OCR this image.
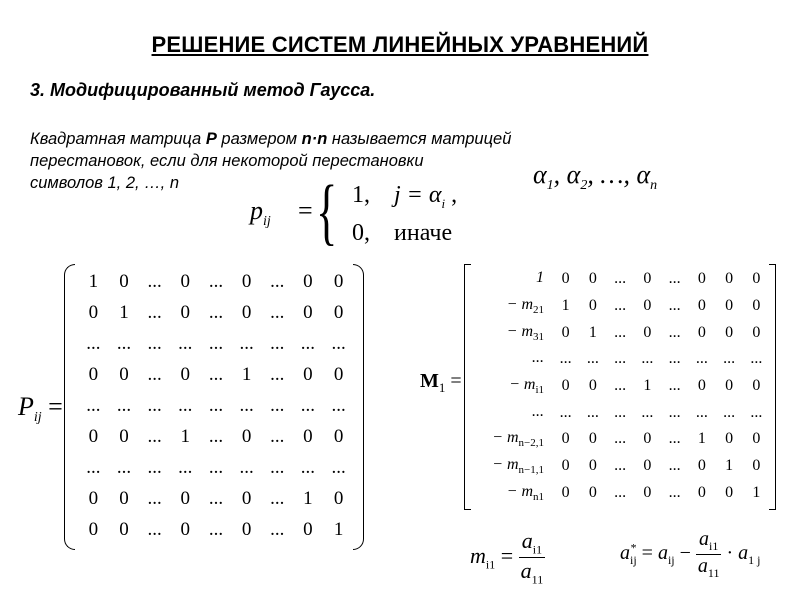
РЕШЕНИЕ СИСТЕМ ЛИНЕЙНЫХ УРАВНЕНИЙ
3. Модифицированный метод Гаусса.
Квадратная матрица P размером n·n называется матрицей
перестановок, если для некоторой перестановки
символов 1, 2, …, n	$\alpha_1$, $\alpha_2$, …, $\alpha_n$
$p_{ij}$ = { 1, $j = \alpha_i$ ,
0, иначе
$P_{ij}$ =
1	0	...	0	...	0	...	0	0
0	1	...	0	...	0	...	0	0
...	...	...	...	...	...	...	...	...
0	0	...	0	...	1	...	0	0
...	...	...	...	...	...	...	...	...
0	0	...	1	...	0	...	0	0
...	...	...	...	...	...	...	...	...
0	0	...	0	...	0	...	1	0
0	0	...	0	...	0	...	0	1
$M_1$ =
1	0	0	...	0	...	0	0	0
− $m_{21}$	1	0	...	0	...	0	0	0
− $m_{31}$	0	1	...	0	...	0	0	0
...	...	...	...	...	...	...	...	...
− $m_{i1}$	0	0	...	1	...	0	0	0
...	...	...	...	...	...	...	...	...
− $m_{n-2,1}$	0	0	...	0	...	1	0	0
− $m_{n-1,1}$	0	0	...	0	...	0	1	0
− $m_{n1}$	0	0	...	0	...	0	0	1
$m_{i1} = \frac{a_{i1}}{a_{11}}$	$a^*_{ij} = a_{ij} - \frac{a_{i1}}{a_{11}} \cdot a_{1 j}$
